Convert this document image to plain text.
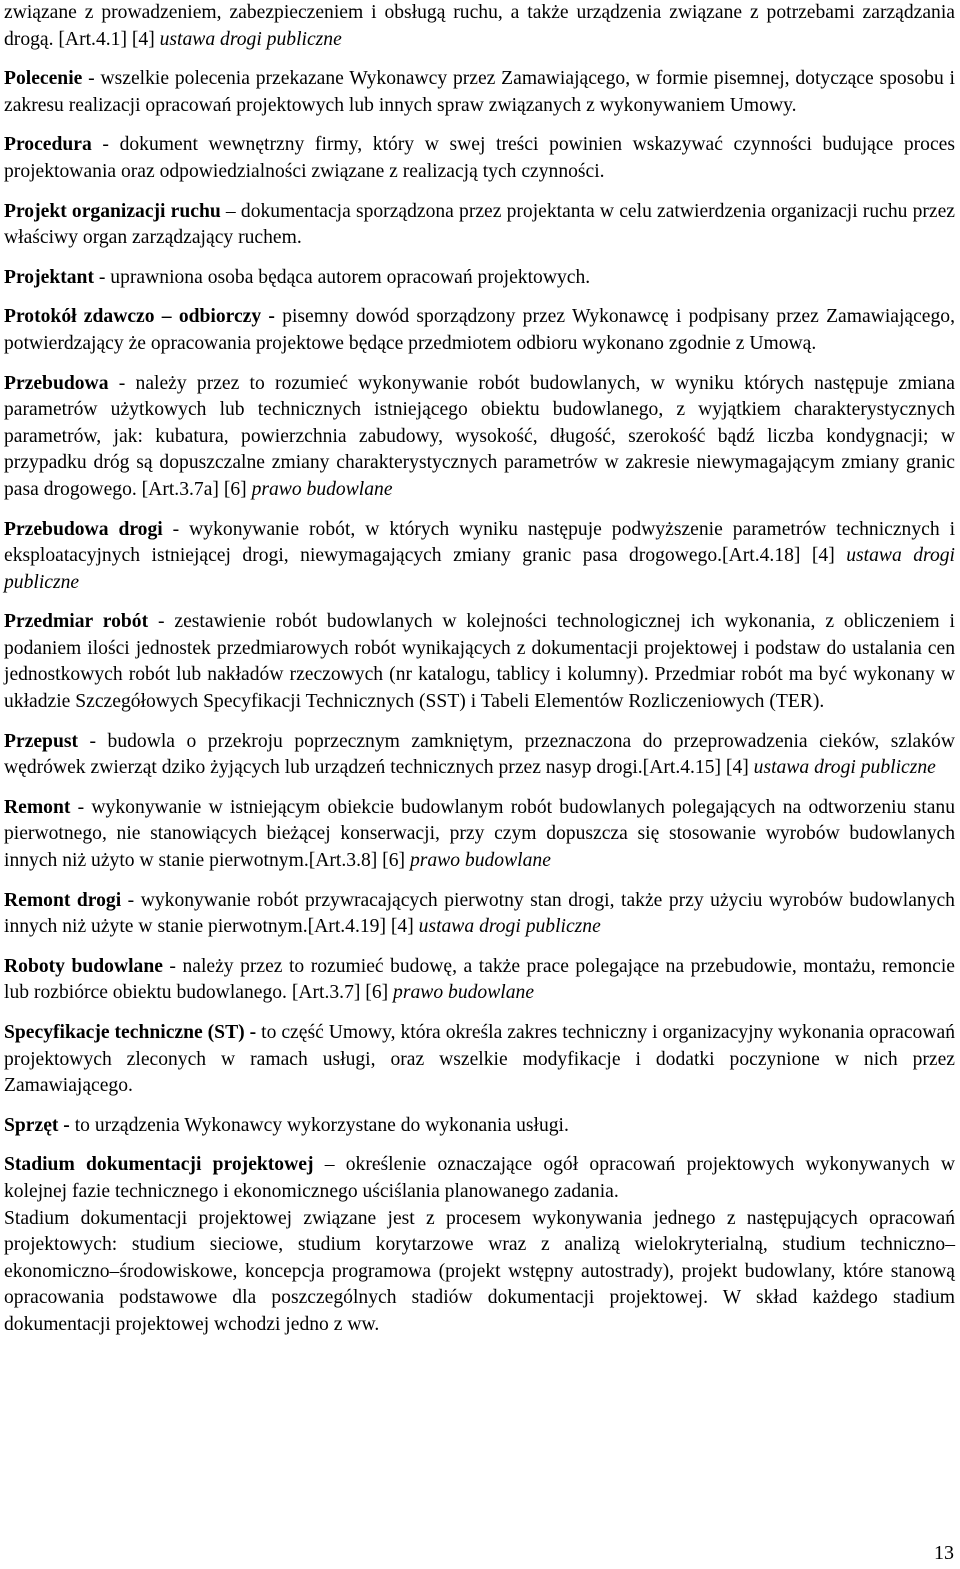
związane z prowadzeniem, zabezpieczeniem i obsługą ruchu, a także urządzenia związane z potrzebami zarządzania drogą. [Art.4.1] [4] ustawa drogi publiczne

Polecenie - wszelkie polecenia przekazane Wykonawcy przez Zamawiającego, w formie pisemnej, dotyczące sposobu i zakresu realizacji opracowań projektowych lub innych spraw związanych z wykonywaniem Umowy.

Procedura - dokument wewnętrzny firmy, który w swej treści powinien wskazywać czynności budujące proces projektowania oraz odpowiedzialności związane z realizacją tych czynności.

Projekt organizacji ruchu – dokumentacja sporządzona przez projektanta w celu zatwierdzenia organizacji ruchu przez właściwy organ zarządzający ruchem.

Projektant - uprawniona osoba będąca autorem opracowań projektowych.

Protokół zdawczo – odbiorczy - pisemny dowód sporządzony przez Wykonawcę i podpisany przez Zamawiającego, potwierdzający że opracowania projektowe będące przedmiotem odbioru wykonano zgodnie z Umową.

Przebudowa - należy przez to rozumieć wykonywanie robót budowlanych, w wyniku których następuje zmiana parametrów użytkowych lub technicznych istniejącego obiektu budowlanego, z wyjątkiem charakterystycznych parametrów, jak: kubatura, powierzchnia zabudowy, wysokość, długość, szerokość bądź liczba kondygnacji; w przypadku dróg są dopuszczalne zmiany charakterystycznych parametrów w zakresie niewymagającym zmiany granic pasa drogowego. [Art.3.7a] [6] prawo budowlane

Przebudowa drogi - wykonywanie robót, w których wyniku następuje podwyższenie parametrów technicznych i eksploatacyjnych istniejącej drogi, niewymagających zmiany granic pasa drogowego.[Art.4.18] [4] ustawa drogi publiczne

Przedmiar robót - zestawienie robót budowlanych w kolejności technologicznej ich wykonania, z obliczeniem i podaniem ilości jednostek przedmiarowych robót wynikających z dokumentacji projektowej i podstaw do ustalania cen jednostkowych robót lub nakładów rzeczowych (nr katalogu, tablicy i kolumny). Przedmiar robót ma być wykonany w układzie Szczegółowych Specyfikacji Technicznych (SST) i Tabeli Elementów Rozliczeniowych (TER).

Przepust - budowla o przekroju poprzecznym zamkniętym, przeznaczona do przeprowadzenia cieków, szlaków wędrówek zwierząt dziko żyjących lub urządzeń technicznych przez nasyp drogi.[Art.4.15] [4] ustawa drogi publiczne

Remont - wykonywanie w istniejącym obiekcie budowlanym robót budowlanych polegających na odtworzeniu stanu pierwotnego, nie stanowiących bieżącej konserwacji, przy czym dopuszcza się stosowanie wyrobów budowlanych innych niż użyto w stanie pierwotnym.[Art.3.8] [6] prawo budowlane

Remont drogi - wykonywanie robót przywracających pierwotny stan drogi, także przy użyciu wyrobów budowlanych innych niż użyte w stanie pierwotnym.[Art.4.19] [4] ustawa drogi publiczne

Roboty budowlane - należy przez to rozumieć budowę, a także prace polegające na przebudowie, montażu, remoncie lub rozbiórce obiektu budowlanego. [Art.3.7] [6] prawo budowlane

Specyfikacje techniczne (ST) - to część Umowy, która określa zakres techniczny i organizacyjny wykonania opracowań projektowych zleconych w ramach usługi, oraz wszelkie modyfikacje i dodatki poczynione w nich przez Zamawiającego.

Sprzęt - to urządzenia Wykonawcy wykorzystane do wykonania usługi.

Stadium dokumentacji projektowej – określenie oznaczające ogół opracowań projektowych wykonywanych w kolejnej fazie technicznego i ekonomicznego uściślania planowanego zadania.

Stadium dokumentacji projektowej związane jest z procesem wykonywania jednego z następujących opracowań projektowych: studium sieciowe, studium korytarzowe wraz z analizą wielokryterialną, studium techniczno–ekonomiczno–środowiskowe, koncepcja programowa (projekt wstępny autostrady), projekt budowlany, które stanową opracowania podstawowe dla poszczególnych stadiów dokumentacji projektowej. W skład każdego stadium dokumentacji projektowej wchodzi jedno z ww.

13
